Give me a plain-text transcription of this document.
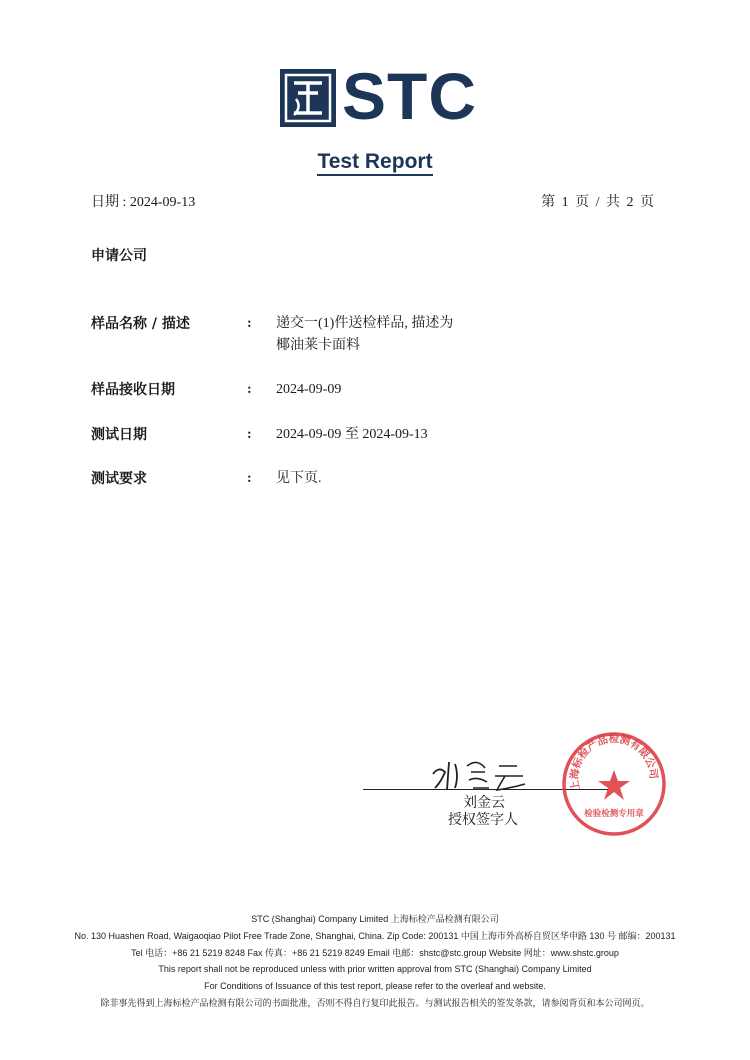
STC
Test Report
日期 : 2024-09-13	第 1 页 / 共 2 页
申请公司
样品名称 / 描述	: 递交一(1)件送检样品, 描述为
椰油莱卡面料
样品接收日期	: 2024-09-09
测试日期	: 2024-09-09 至 2024-09-13
测试要求	: 见下页.
刘金云
授权签字人
上海标检产品检测有限公司
检验检测专用章
STC (Shanghai) Company Limited 上海标检产品检测有限公司
No. 130 Huashen Road, Waigaoqiao Pilot Free Trade Zone, Shanghai, China. Zip Code: 200131 中国上海市外高桥自贸区华申路 130 号 邮编：200131
Tel 电话：+86 21 5219 8248 Fax 传真：+86 21 5219 8249 Email 电邮：shstc@stc.group Website 网址：www.shstc.group
This report shall not be reproduced unless with prior written approval from STC (Shanghai) Company Limited
For Conditions of Issuance of this test report, please refer to the overleaf and website.
除非事先得到上海标检产品检测有限公司的书面批准，否则不得自行复印此报告。与测试报告相关的签发条款，请参阅背页和本公司网页。
